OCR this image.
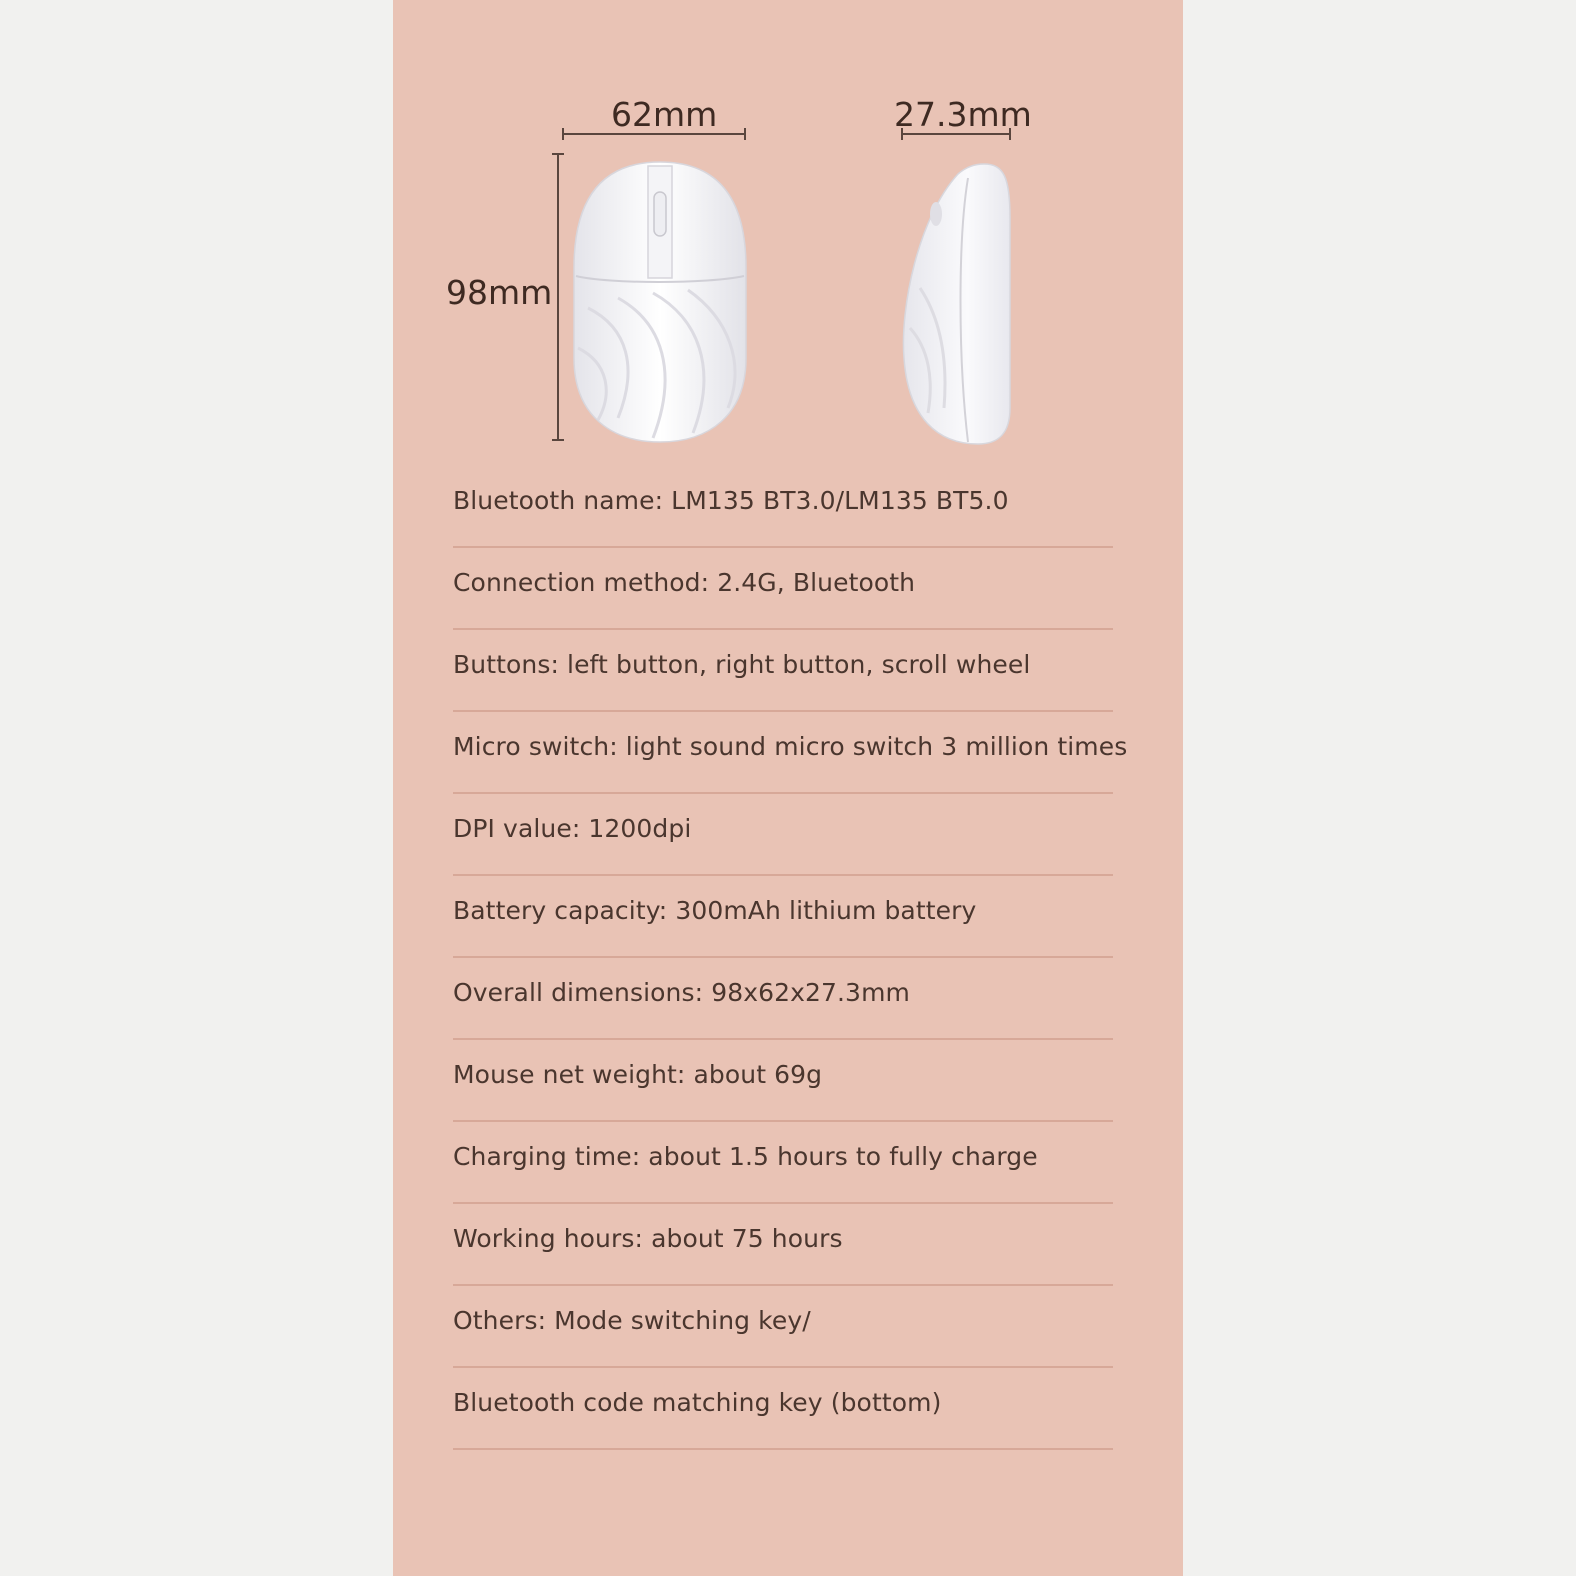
62mm	27.3mm
98mm
Bluetooth name: LM135 BT3.0/LM135 BT5.0
Connection method: 2.4G, Bluetooth
Buttons: left button, right button, scroll wheel
Micro switch: light sound micro switch 3 million times
DPI value: 1200dpi
Battery capacity: 300mAh lithium battery
Overall dimensions: 98x62x27.3mm
Mouse net weight: about 69g
Charging time: about 1.5 hours to fully charge
Working hours: about 75 hours
Others: Mode switching key/
Bluetooth code matching key (bottom)
